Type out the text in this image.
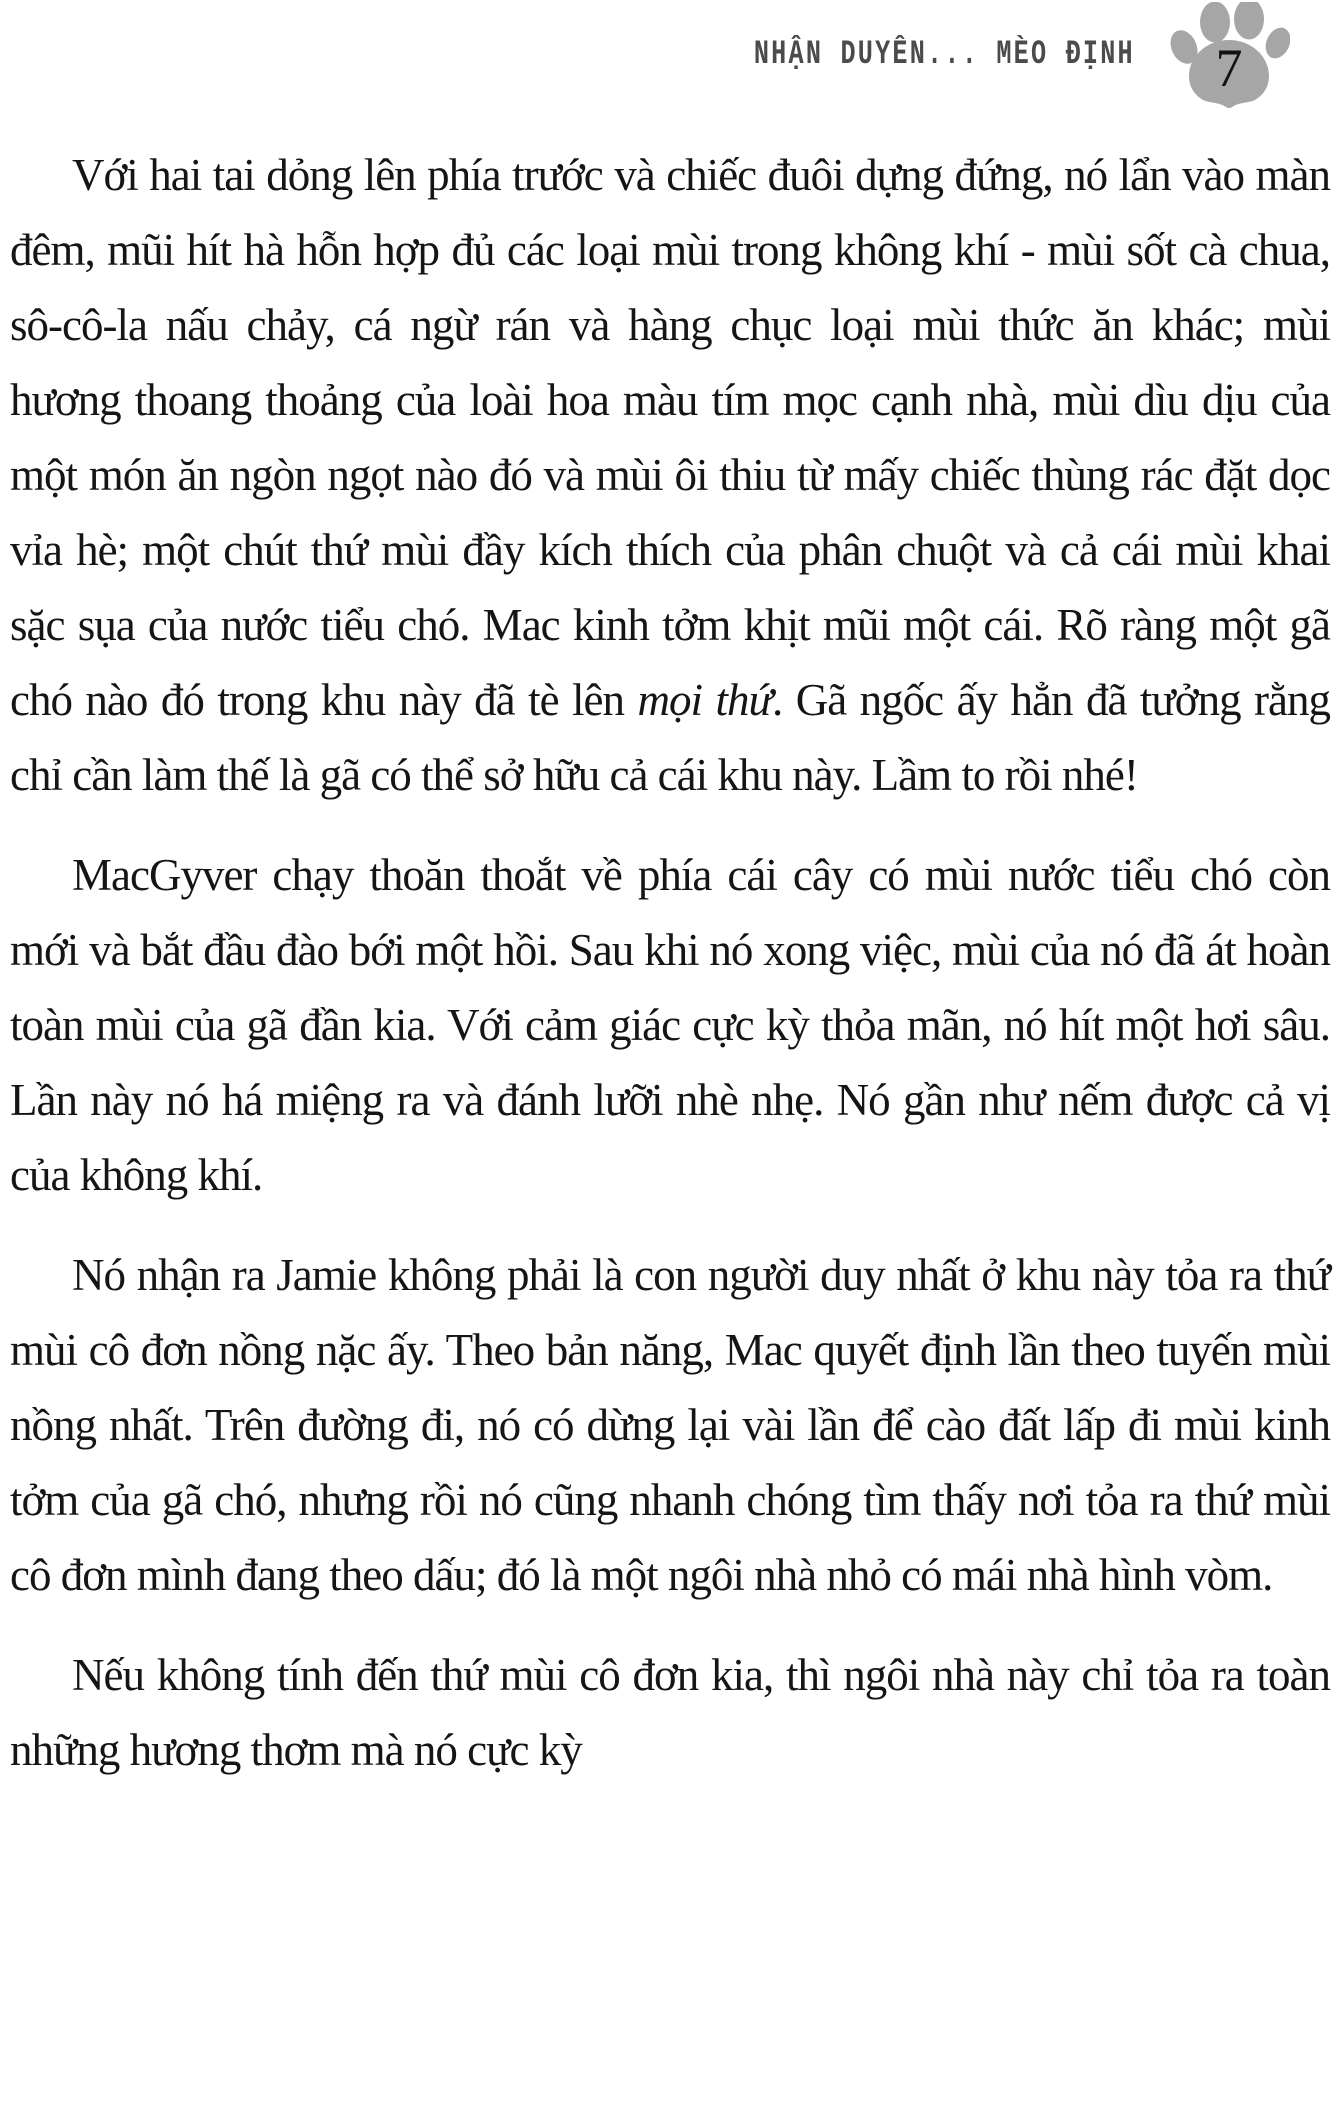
NHẬN DUYÊN... MÈO ĐỊNH 7

Với hai tai dỏng lên phía trước và chiếc đuôi dựng đứng, nó lẩn vào màn đêm, mũi hít hà hỗn hợp đủ các loại mùi trong không khí - mùi sốt cà chua, sô-cô-la nấu chảy, cá ngừ rán và hàng chục loại mùi thức ăn khác; mùi hương thoang thoảng của loài hoa màu tím mọc cạnh nhà, mùi dìu dịu của một món ăn ngòn ngọt nào đó và mùi ôi thiu từ mấy chiếc thùng rác đặt dọc vỉa hè; một chút thứ mùi đầy kích thích của phân chuột và cả cái mùi khai sặc sụa của nước tiểu chó. Mac kinh tởm khịt mũi một cái. Rõ ràng một gã chó nào đó trong khu này đã tè lên mọi thứ. Gã ngốc ấy hẳn đã tưởng rằng chỉ cần làm thế là gã có thể sở hữu cả cái khu này. Lầm to rồi nhé!

MacGyver chạy thoăn thoắt về phía cái cây có mùi nước tiểu chó còn mới và bắt đầu đào bới một hồi. Sau khi nó xong việc, mùi của nó đã át hoàn toàn mùi của gã đần kia. Với cảm giác cực kỳ thỏa mãn, nó hít một hơi sâu. Lần này nó há miệng ra và đánh lưỡi nhè nhẹ. Nó gần như nếm được cả vị của không khí.

Nó nhận ra Jamie không phải là con người duy nhất ở khu này tỏa ra thứ mùi cô đơn nồng nặc ấy. Theo bản năng, Mac quyết định lần theo tuyến mùi nồng nhất. Trên đường đi, nó có dừng lại vài lần để cào đất lấp đi mùi kinh tởm của gã chó, nhưng rồi nó cũng nhanh chóng tìm thấy nơi tỏa ra thứ mùi cô đơn mình đang theo dấu; đó là một ngôi nhà nhỏ có mái nhà hình vòm.

Nếu không tính đến thứ mùi cô đơn kia, thì ngôi nhà này chỉ tỏa ra toàn những hương thơm mà nó cực kỳ
